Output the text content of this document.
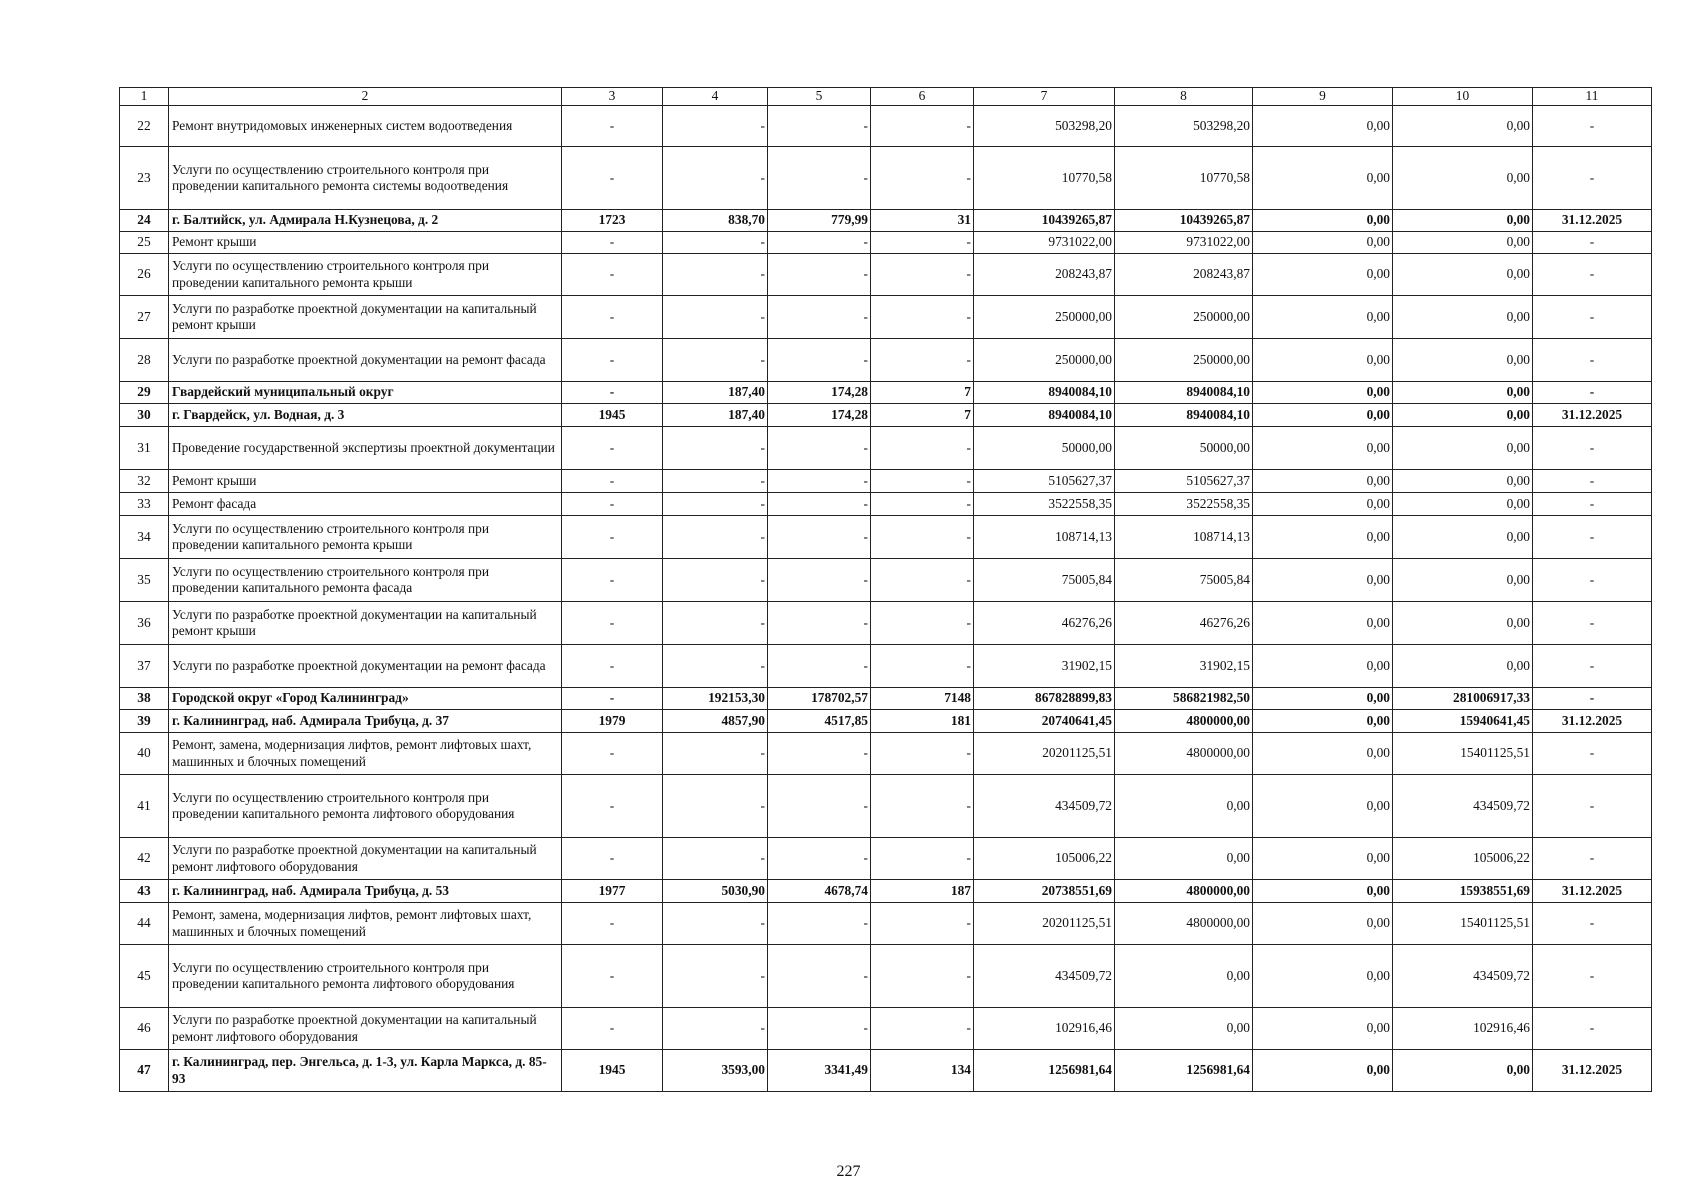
1	2	3	4	5	6	7	8	9	10	11
22	Ремонт внутридомовых инженерных систем водоотведения	-	-	-	-	503298,20	503298,20	0,00	0,00	-
23	Услуги по осуществлению строительного контроля при проведении капитального ремонта системы водоотведения	-	-	-	-	10770,58	10770,58	0,00	0,00	-
24	г. Балтийск, ул. Адмирала Н.Кузнецова, д. 2	1723	838,70	779,99	31	10439265,87	10439265,87	0,00	0,00	31.12.2025
25	Ремонт крыши	-	-	-	-	9731022,00	9731022,00	0,00	0,00	-
26	Услуги по осуществлению строительного контроля при проведении капитального ремонта крыши	-	-	-	-	208243,87	208243,87	0,00	0,00	-
27	Услуги по разработке проектной документации на капитальный ремонт крыши	-	-	-	-	250000,00	250000,00	0,00	0,00	-
28	Услуги по разработке проектной документации на ремонт фасада	-	-	-	-	250000,00	250000,00	0,00	0,00	-
29	Гвардейский муниципальный округ	-	187,40	174,28	7	8940084,10	8940084,10	0,00	0,00	-
30	г. Гвардейск, ул. Водная, д. 3	1945	187,40	174,28	7	8940084,10	8940084,10	0,00	0,00	31.12.2025
31	Проведение государственной экспертизы проектной документации	-	-	-	-	50000,00	50000,00	0,00	0,00	-
32	Ремонт крыши	-	-	-	-	5105627,37	5105627,37	0,00	0,00	-
33	Ремонт фасада	-	-	-	-	3522558,35	3522558,35	0,00	0,00	-
34	Услуги по осуществлению строительного контроля при проведении капитального ремонта крыши	-	-	-	-	108714,13	108714,13	0,00	0,00	-
35	Услуги по осуществлению строительного контроля при проведении капитального ремонта фасада	-	-	-	-	75005,84	75005,84	0,00	0,00	-
36	Услуги по разработке проектной документации на капитальный ремонт крыши	-	-	-	-	46276,26	46276,26	0,00	0,00	-
37	Услуги по разработке проектной документации на ремонт фасада	-	-	-	-	31902,15	31902,15	0,00	0,00	-
38	Городской округ «Город Калининград»	-	192153,30	178702,57	7148	867828899,83	586821982,50	0,00	281006917,33	-
39	г. Калининград, наб. Адмирала Трибуца, д. 37	1979	4857,90	4517,85	181	20740641,45	4800000,00	0,00	15940641,45	31.12.2025
40	Ремонт, замена, модернизация лифтов, ремонт лифтовых шахт, машинных и блочных помещений	-	-	-	-	20201125,51	4800000,00	0,00	15401125,51	-
41	Услуги по осуществлению строительного контроля при проведении капитального ремонта лифтового оборудования	-	-	-	-	434509,72	0,00	0,00	434509,72	-
42	Услуги по разработке проектной документации на капитальный ремонт лифтового оборудования	-	-	-	-	105006,22	0,00	0,00	105006,22	-
43	г. Калининград, наб. Адмирала Трибуца, д. 53	1977	5030,90	4678,74	187	20738551,69	4800000,00	0,00	15938551,69	31.12.2025
44	Ремонт, замена, модернизация лифтов, ремонт лифтовых шахт, машинных и блочных помещений	-	-	-	-	20201125,51	4800000,00	0,00	15401125,51	-
45	Услуги по осуществлению строительного контроля при проведении капитального ремонта лифтового оборудования	-	-	-	-	434509,72	0,00	0,00	434509,72	-
46	Услуги по разработке проектной документации на капитальный ремонт лифтового оборудования	-	-	-	-	102916,46	0,00	0,00	102916,46	-
47	г. Калининград, пер. Энгельса, д. 1-3, ул. Карла Маркса, д. 85-93	1945	3593,00	3341,49	134	1256981,64	1256981,64	0,00	0,00	31.12.2025
227
